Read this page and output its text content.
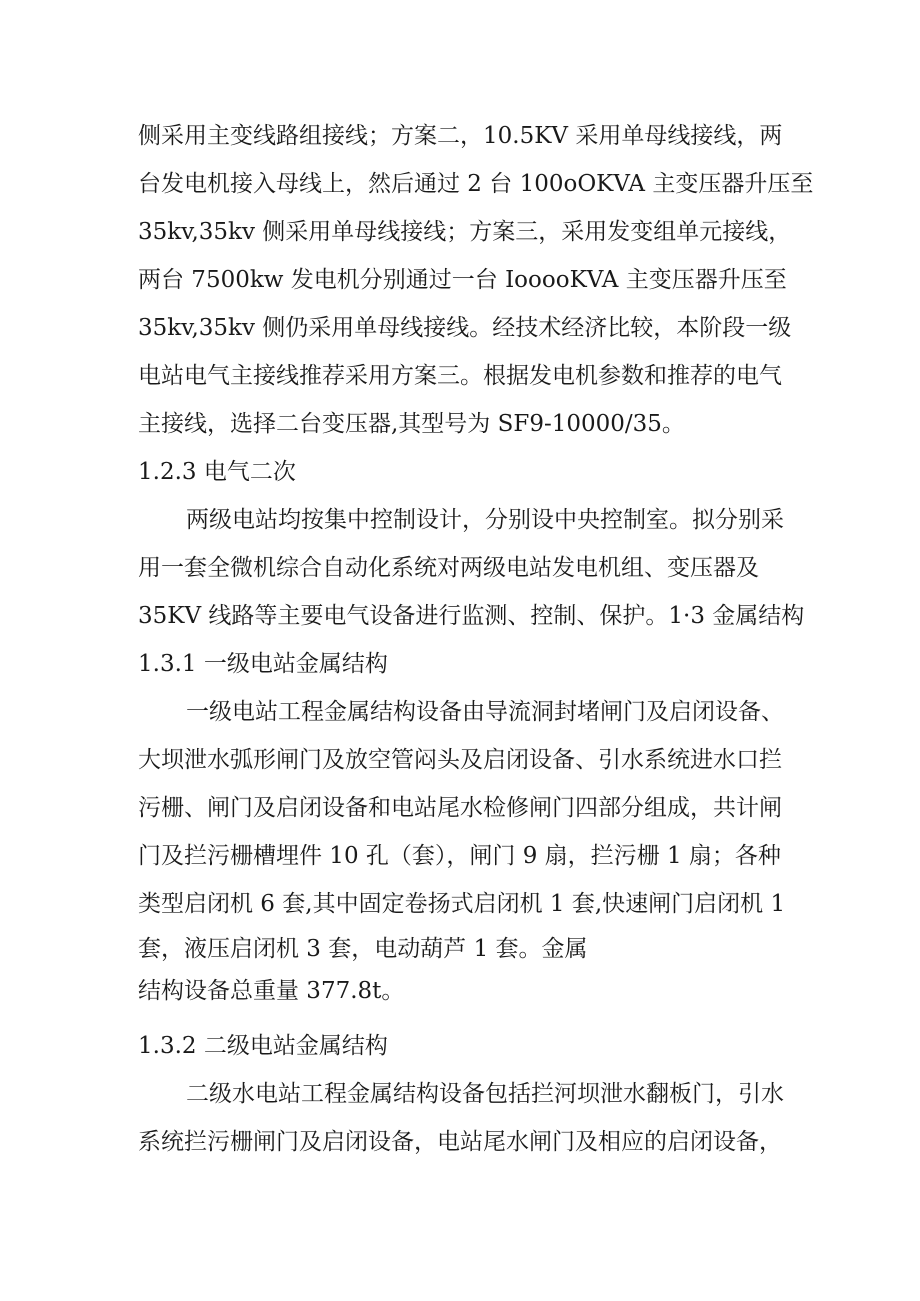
侧采用主变线路组接线；方案二，10.5KV 采用单母线接线，两
台发电机接入母线上，然后通过 2 台 100oOKVA 主变压器升压至
35kv,35kv 侧采用单母线接线；方案三，采用发变组单元接线，
两台 7500kw 发电机分别通过一台 IooooKVA 主变压器升压至
35kv,35kv 侧仍采用单母线接线。经技术经济比较，本阶段一级
电站电气主接线推荐采用方案三。根据发电机参数和推荐的电气
主接线，选择二台变压器,其型号为 SF9-10000/35。
1.2.3 电气二次
两级电站均按集中控制设计，分别设中央控制室。拟分别采
用一套全微机综合自动化系统对两级电站发电机组、变压器及
35KV 线路等主要电气设备进行监测、控制、保护。1·3 金属结构
1.3.1 一级电站金属结构
一级电站工程金属结构设备由导流洞封堵闸门及启闭设备、
大坝泄水弧形闸门及放空管闷头及启闭设备、引水系统进水口拦
污栅、闸门及启闭设备和电站尾水检修闸门四部分组成，共计闸
门及拦污栅槽埋件 10 孔（套），闸门 9 扇，拦污栅 1 扇；各种
类型启闭机 6 套,其中固定卷扬式启闭机 1 套,快速闸门启闭机 1
套，液压启闭机 3 套，电动葫芦 1 套。金属
结构设备总重量 377.8t。
1.3.2 二级电站金属结构
二级水电站工程金属结构设备包括拦河坝泄水翻板门，引水
系统拦污栅闸门及启闭设备，电站尾水闸门及相应的启闭设备，
